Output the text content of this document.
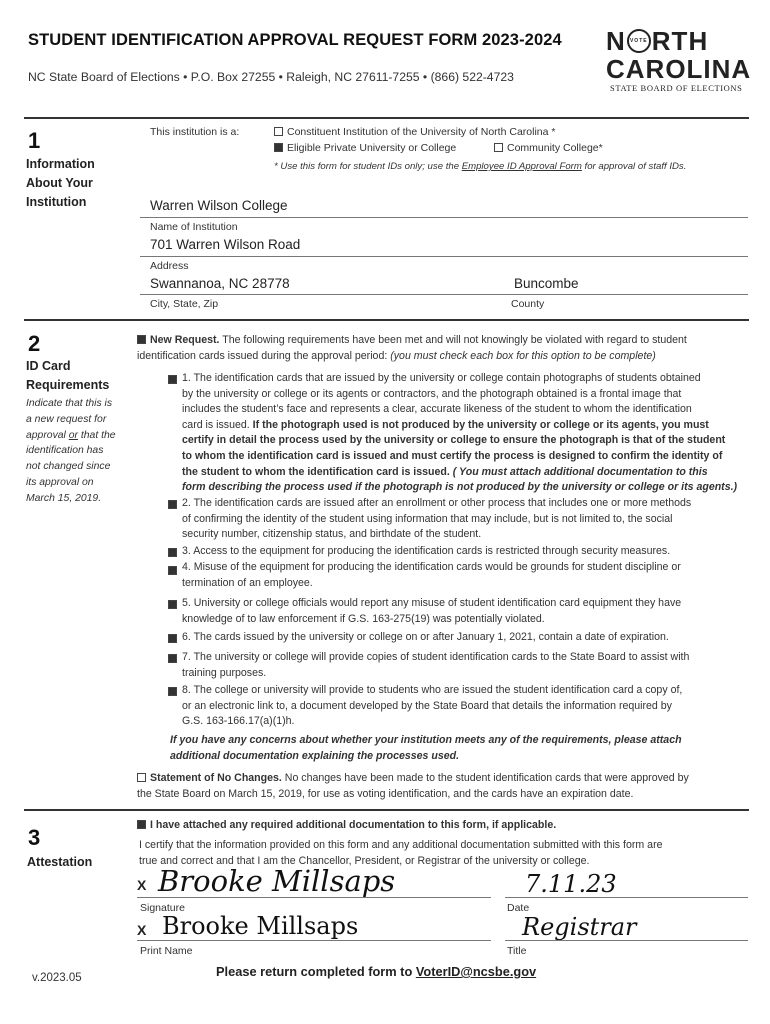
STUDENT IDENTIFICATION APPROVAL REQUEST FORM 2023-2024
NC State Board of Elections • P.O. Box 27255 • Raleigh, NC 27611-7255 • (866) 522-4723
N VOTE RTH
CAROLINA
STATE BOARD OF ELECTIONS
1
Information
About Your
Institution
This institution is a:	Constituent Institution of the University of North Carolina *
Eligible Private University or College	Community College*
* Use this form for student IDs only; use the Employee ID Approval Form for approval of staff IDs.
Warren Wilson College
Name of Institution
701 Warren Wilson Road
Address
Swannanoa, NC 28778	Buncombe
City, State, Zip	County
2
ID Card
Requirements
Indicate that this is
a new request for
approval or that the
identification has
not changed since
its approval on
March 15, 2019.
New Request. The following requirements have been met and will not knowingly be violated with regard to student
identification cards issued during the approval period: (you must check each box for this option to be complete)
1. The identification cards that are issued by the university or college contain photographs of students obtained
by the university or college or its agents or contractors, and the photograph obtained is a frontal image that
includes the student’s face and represents a clear, accurate likeness of the student to whom the identification
card is issued. If the photograph used is not produced by the university or college or its agents, you must
certify in detail the process used by the university or college to ensure the photograph is that of the student
to whom the identification card is issued and must certify the process is designed to confirm the identity of
the student to whom the identification card is issued. ( You must attach additional documentation to this
form describing the process used if the photograph is not produced by the university or college or its agents.)
2. The identification cards are issued after an enrollment or other process that includes one or more methods
of confirming the identity of the student using information that may include, but is not limited to, the social
security number, citizenship status, and birthdate of the student.
3. Access to the equipment for producing the identification cards is restricted through security measures.
4. Misuse of the equipment for producing the identification cards would be grounds for student discipline or
termination of an employee.
5. University or college officials would report any misuse of student identification card equipment they have
knowledge of to law enforcement if G.S. 163-275(19) was potentially violated.
6. The cards issued by the university or college on or after January 1, 2021, contain a date of expiration.
7. The university or college will provide copies of student identification cards to the State Board to assist with
training purposes.
8. The college or university will provide to students who are issued the student identification card a copy of,
or an electronic link to, a document developed by the State Board that details the information required by
G.S. 163-166.17(a)(1)h.
If you have any concerns about whether your institution meets any of the requirements, please attach
additional documentation explaining the processes used.
Statement of No Changes. No changes have been made to the student identification cards that were approved by
the State Board on March 15, 2019, for use as voting identification, and the cards have an expiration date.
3
Attestation
I have attached any required additional documentation to this form, if applicable.
I certify that the information provided on this form and any additional documentation submitted with this form are
true and correct and that I am the Chancellor, President, or Registrar of the university or college.
X Brooke Millsaps
Signature
7.11.23
Date
X Brooke Millsaps
Print Name
Registrar
Title
v.2023.05	Please return completed form to VoterID@ncsbe.gov
